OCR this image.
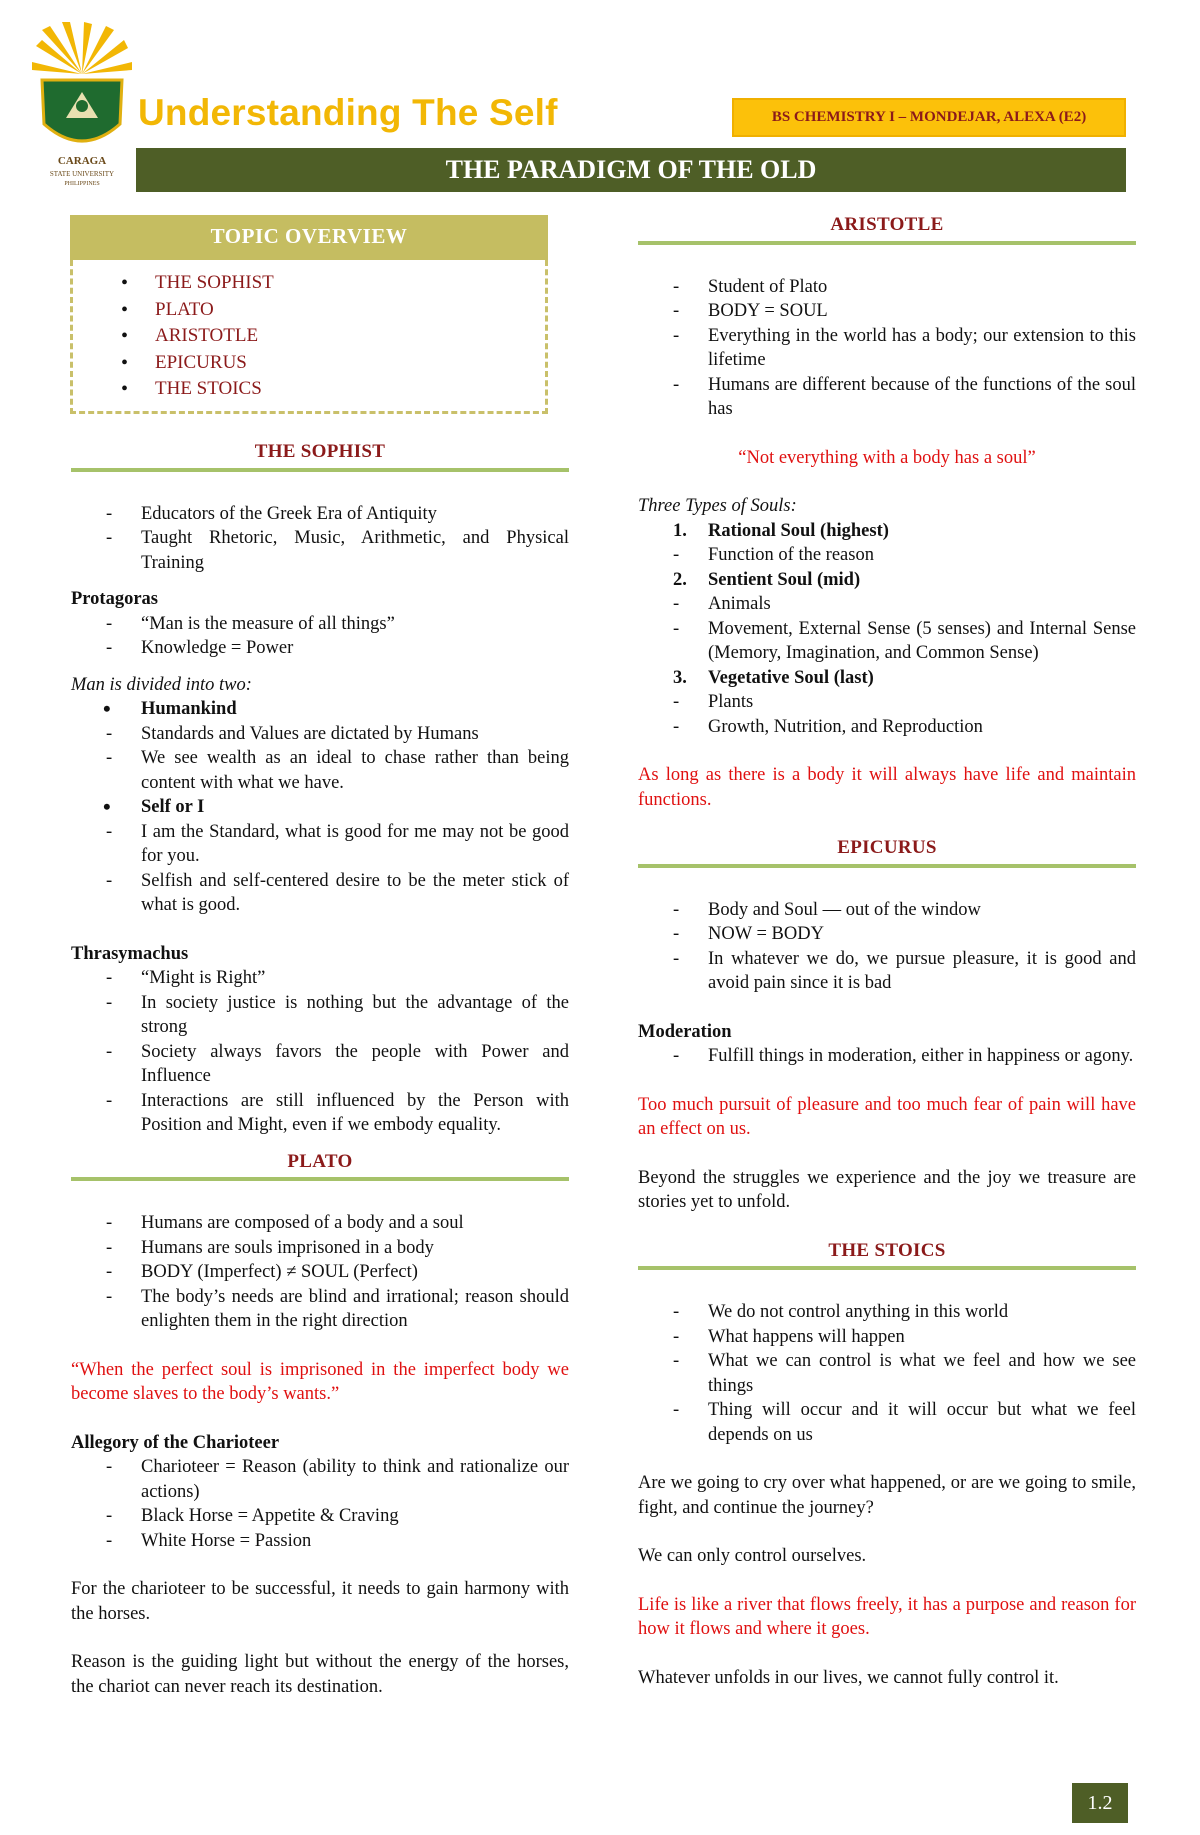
CARAGA
STATE UNIVERSITY
PHILIPPINES
Understanding The Self	BS CHEMISTRY I – MONDEJAR, ALEXA (E2)
THE PARADIGM OF THE OLD
TOPIC OVERVIEW
• THE SOPHIST
• PLATO
• ARISTOTLE
• EPICURUS
• THE STOICS
THE SOPHIST
- Educators of the Greek Era of Antiquity
- Taught Rhetoric, Music, Arithmetic, and Physical Training
Protagoras
- “Man is the measure of all things”
- Knowledge = Power
Man is divided into two:
• Humankind
- Standards and Values are dictated by Humans
- We see wealth as an ideal to chase rather than being content with what we have.
• Self or I
- I am the Standard, what is good for me may not be good for you.
- Selfish and self-centered desire to be the meter stick of what is good.
Thrasymachus
- “Might is Right”
- In society justice is nothing but the advantage of the strong
- Society always favors the people with Power and Influence
- Interactions are still influenced by the Person with Position and Might, even if we embody equality.
PLATO
- Humans are composed of a body and a soul
- Humans are souls imprisoned in a body
- BODY (Imperfect) ≠ SOUL (Perfect)
- The body’s needs are blind and irrational; reason should enlighten them in the right direction
“When the perfect soul is imprisoned in the imperfect body we become slaves to the body’s wants.”
Allegory of the Charioteer
- Charioteer = Reason (ability to think and rationalize our actions)
- Black Horse = Appetite & Craving
- White Horse = Passion
For the charioteer to be successful, it needs to gain harmony with the horses.
Reason is the guiding light but without the energy of the horses, the chariot can never reach its destination.
ARISTOTLE
- Student of Plato
- BODY = SOUL
- Everything in the world has a body; our extension to this lifetime
- Humans are different because of the functions of the soul has
“Not everything with a body has a soul”
Three Types of Souls:
1. Rational Soul (highest)
- Function of the reason
2. Sentient Soul (mid)
- Animals
- Movement, External Sense (5 senses) and Internal Sense (Memory, Imagination, and Common Sense)
3. Vegetative Soul (last)
- Plants
- Growth, Nutrition, and Reproduction
As long as there is a body it will always have life and maintain functions.
EPICURUS
- Body and Soul — out of the window
- NOW = BODY
- In whatever we do, we pursue pleasure, it is good and avoid pain since it is bad
Moderation
- Fulfill things in moderation, either in happiness or agony.
Too much pursuit of pleasure and too much fear of pain will have an effect on us.
Beyond the struggles we experience and the joy we treasure are stories yet to unfold.
THE STOICS
- We do not control anything in this world
- What happens will happen
- What we can control is what we feel and how we see things
- Thing will occur and it will occur but what we feel depends on us
Are we going to cry over what happened, or are we going to smile, fight, and continue the journey?
We can only control ourselves.
Life is like a river that flows freely, it has a purpose and reason for how it flows and where it goes.
Whatever unfolds in our lives, we cannot fully control it.
1.2
